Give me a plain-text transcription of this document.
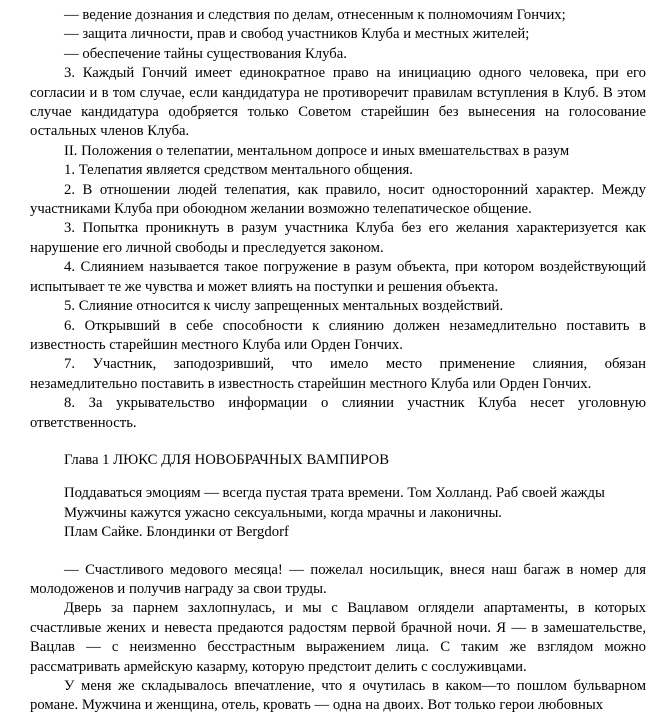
— ведение дознания и следствия по делам, отнесенным к полномочиям Гончих;

— защита личности, прав и свобод участников Клуба и местных жителей;

— обеспечение тайны существования Клуба.

3. Каждый Гончий имеет единократное право на инициацию одного человека, при его согласии и в том случае, если кандидатура не противоречит правилам вступления в Клуб. В этом случае кандидатура одобряется только Советом старейшин без вынесения на голосование остальных членов Клуба.

II. Положения о телепатии, ментальном допросе и иных вмешательствах в разум

1. Телепатия является средством ментального общения.

2. В отношении людей телепатия, как правило, носит односторонний характер. Между участниками Клуба при обоюдном желании возможно телепатическое общение.

3. Попытка проникнуть в разум участника Клуба без его желания характеризуется как нарушение его личной свободы и преследуется законом.

4. Слиянием называется такое погружение в разум объекта, при котором воздействующий испытывает те же чувства и может влиять на поступки и решения объекта.

5. Слияние относится к числу запрещенных ментальных воздействий.

6. Открывший в себе способности к слиянию должен незамедлительно поставить в известность старейшин местного Клуба или Орден Гончих.

7. Участник, заподозривший, что имело место применение слияния, обязан незамедлительно поставить в известность старейшин местного Клуба или Орден Гончих.

8. За укрывательство информации о слиянии участник Клуба несет уголовную ответственность.

Глава 1 ЛЮКС ДЛЯ НОВОБРАЧНЫХ ВАМПИРОВ

Поддаваться эмоциям — всегда пустая трата времени. Том Холланд. Раб своей жажды

Мужчины кажутся ужасно сексуальными, когда мрачны и лаконичны.

Плам Сайке. Блондинки от Bergdorf

— Счастливого медового месяца! — пожелал носильщик, внеся наш багаж в номер для молодоженов и получив награду за свои труды.

Дверь за парнем захлопнулась, и мы с Вацлавом оглядели апартаменты, в которых счастливые жених и невеста предаются радостям первой брачной ночи. Я — в замешательстве, Вацлав — с неизменно бесстрастным выражением лица. С таким же взглядом можно рассматривать армейскую казарму, которую предстоит делить с сослуживцами.

У меня же складывалось впечатление, что я очутилась в каком—то пошлом бульварном романе. Мужчина и женщина, отель, кровать — одна на двоих. Вот только герои любовных
